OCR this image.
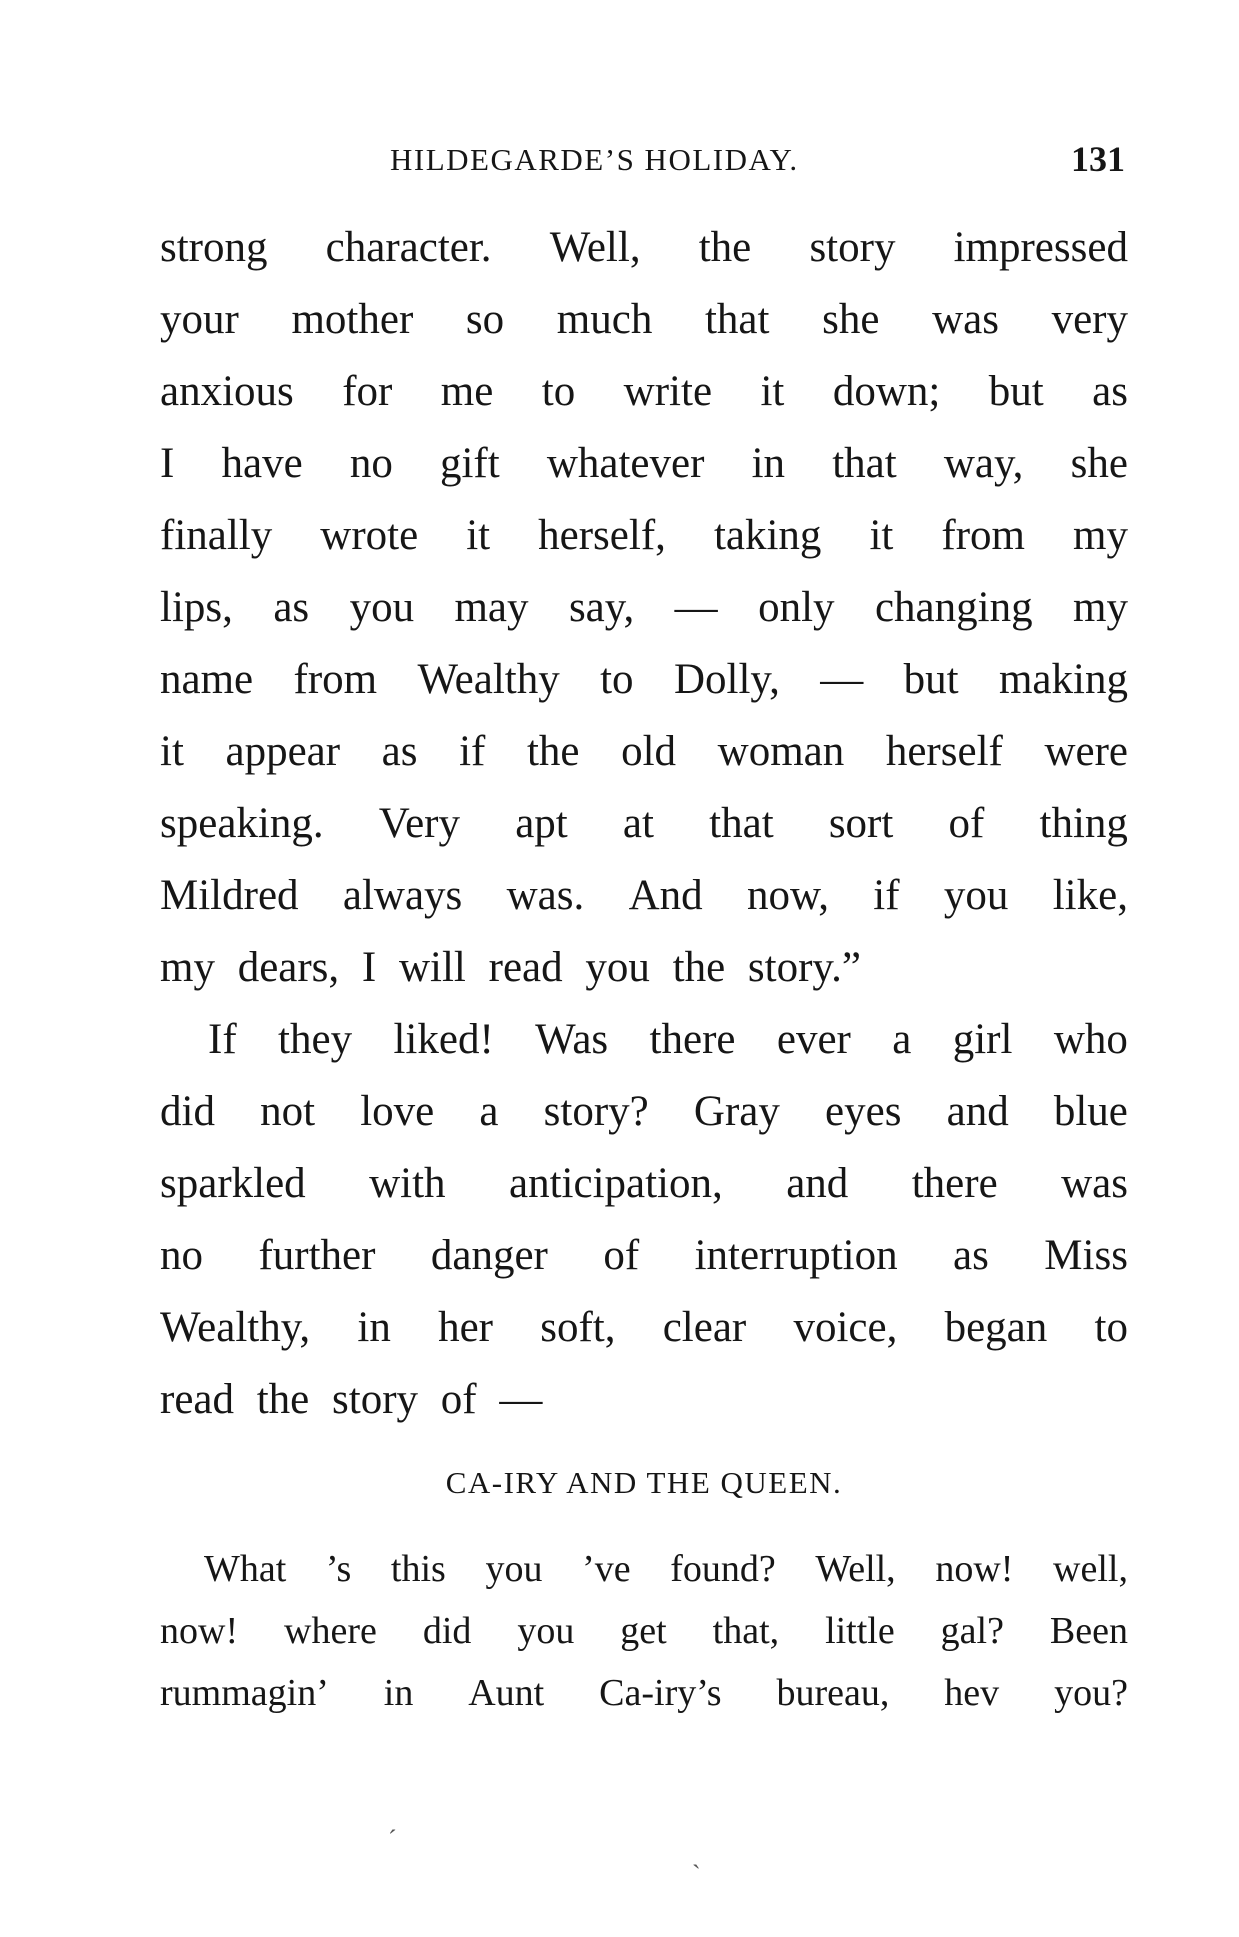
HILDEGARDE’S HOLIDAY.	131
strong character. Well, the story impressed
your mother so much that she was very
anxious for me to write it down; but as
I have no gift whatever in that way, she
finally wrote it herself, taking it from my
lips, as you may say, — only changing my
name from Wealthy to Dolly, — but making
it appear as if the old woman herself were
speaking. Very apt at that sort of thing
Mildred always was. And now, if you like,
my dears, I will read you the story.”
If they liked! Was there ever a girl who
did not love a story? Gray eyes and blue
sparkled with anticipation, and there was
no further danger of interruption as Miss
Wealthy, in her soft, clear voice, began to
read the story of —
CA-IRY AND THE QUEEN.
What ’s this you ’ve found? Well, now! well,
now! where did you get that, little gal? Been
rummagin’ in Aunt Ca-iry’s bureau, hev you?
ˊ
ˋ
